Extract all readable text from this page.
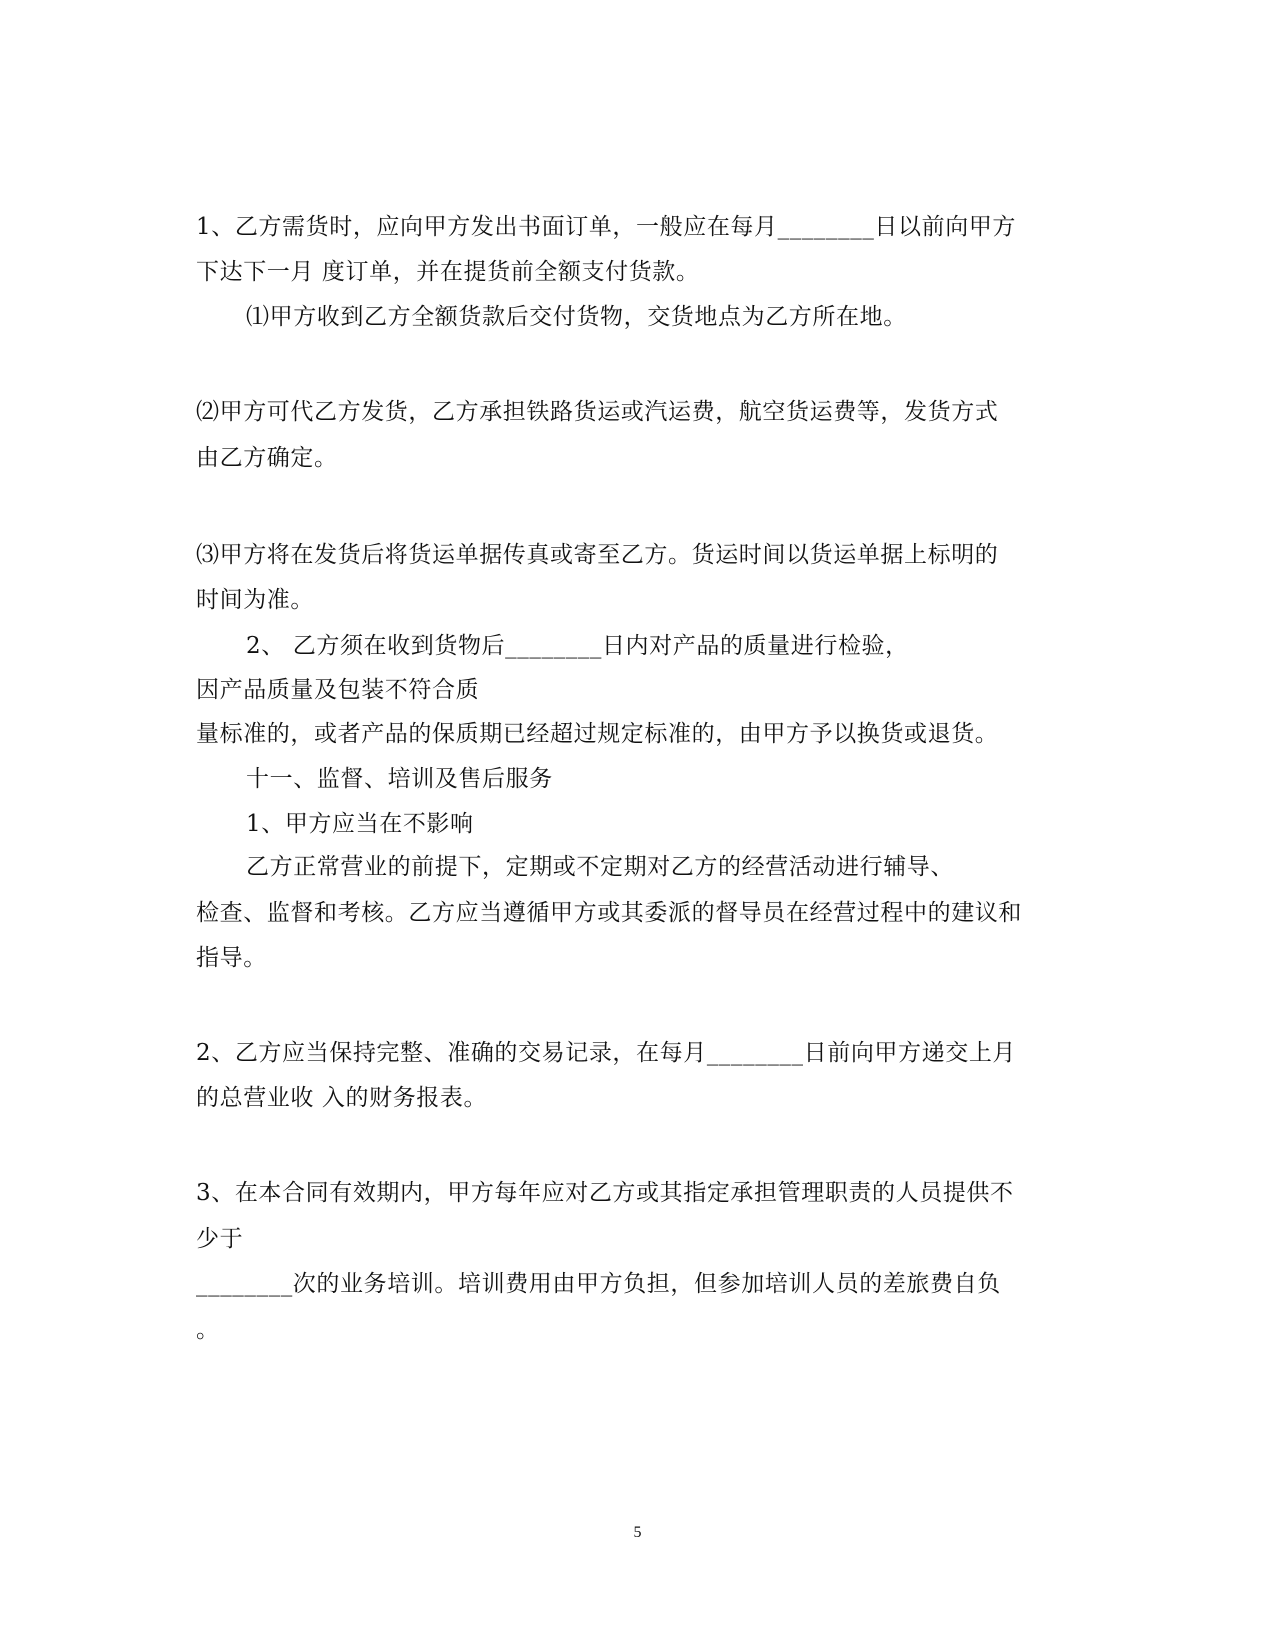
1、乙方需货时，应向甲方发出书面订单，一般应在每月________日以前向甲方
下达下一月 度订单，并在提货前全额支付货款。
⑴甲方收到乙方全额货款后交付货物，交货地点为乙方所在地。
⑵甲方可代乙方发货，乙方承担铁路货运或汽运费，航空货运费等，发货方式
由乙方确定。
⑶甲方将在发货后将货运单据传真或寄至乙方。货运时间以货运单据上标明的
时间为准。
2、 乙方须在收到货物后________日内对产品的质量进行检验，
因产品质量及包装不符合质
量标准的，或者产品的保质期已经超过规定标准的，由甲方予以换货或退货。
十一、监督、培训及售后服务
1、甲方应当在不影响
乙方正常营业的前提下，定期或不定期对乙方的经营活动进行辅导、
检查、监督和考核。乙方应当遵循甲方或其委派的督导员在经营过程中的建议和
指导。
2、乙方应当保持完整、准确的交易记录，在每月________日前向甲方递交上月
的总营业收 入的财务报表。
3、在本合同有效期内，甲方每年应对乙方或其指定承担管理职责的人员提供不
少于
________次的业务培训。培训费用由甲方负担，但参加培训人员的差旅费自负
。
5
